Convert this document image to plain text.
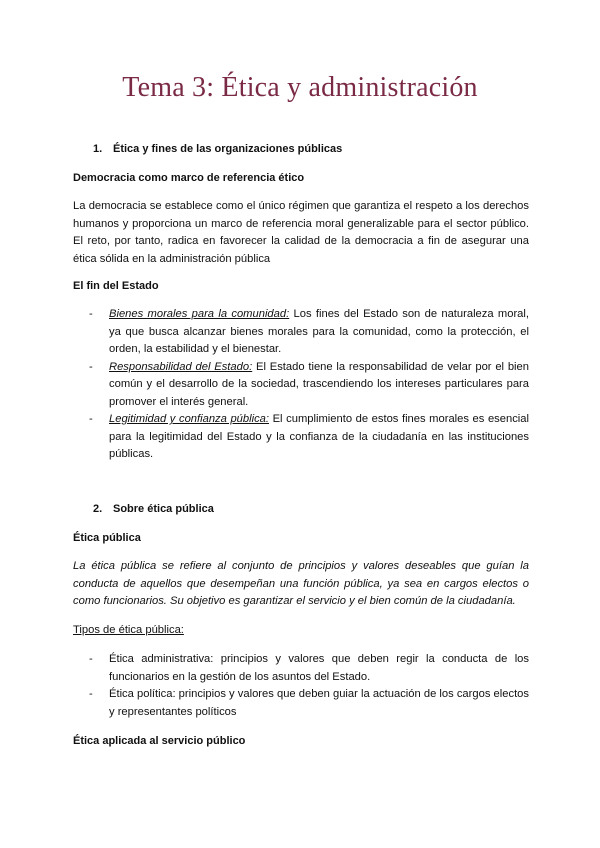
Tema 3: Ética y administración
1. Ética y fines de las organizaciones públicas
Democracia como marco de referencia ético
La democracia se establece como el único régimen que garantiza el respeto a los derechos humanos y proporciona un marco de referencia moral generalizable para el sector público. El reto, por tanto, radica en favorecer la calidad de la democracia a fin de asegurar una ética sólida en la administración pública
El fin del Estado
- Bienes morales para la comunidad: Los fines del Estado son de naturaleza moral, ya que busca alcanzar bienes morales para la comunidad, como la protección, el orden, la estabilidad y el bienestar.
- Responsabilidad del Estado: El Estado tiene la responsabilidad de velar por el bien común y el desarrollo de la sociedad, trascendiendo los intereses particulares para promover el interés general.
- Legitimidad y confianza pública: El cumplimiento de estos fines morales es esencial para la legitimidad del Estado y la confianza de la ciudadanía en las instituciones públicas.
2. Sobre ética pública
Ética pública
La ética pública se refiere al conjunto de principios y valores deseables que guían la conducta de aquellos que desempeñan una función pública, ya sea en cargos electos o como funcionarios. Su objetivo es garantizar el servicio y el bien común de la ciudadanía.
Tipos de ética pública:
- Ética administrativa: principios y valores que deben regir la conducta de los funcionarios en la gestión de los asuntos del Estado.
- Ética política: principios y valores que deben guiar la actuación de los cargos electos y representantes políticos
Ética aplicada al servicio público
